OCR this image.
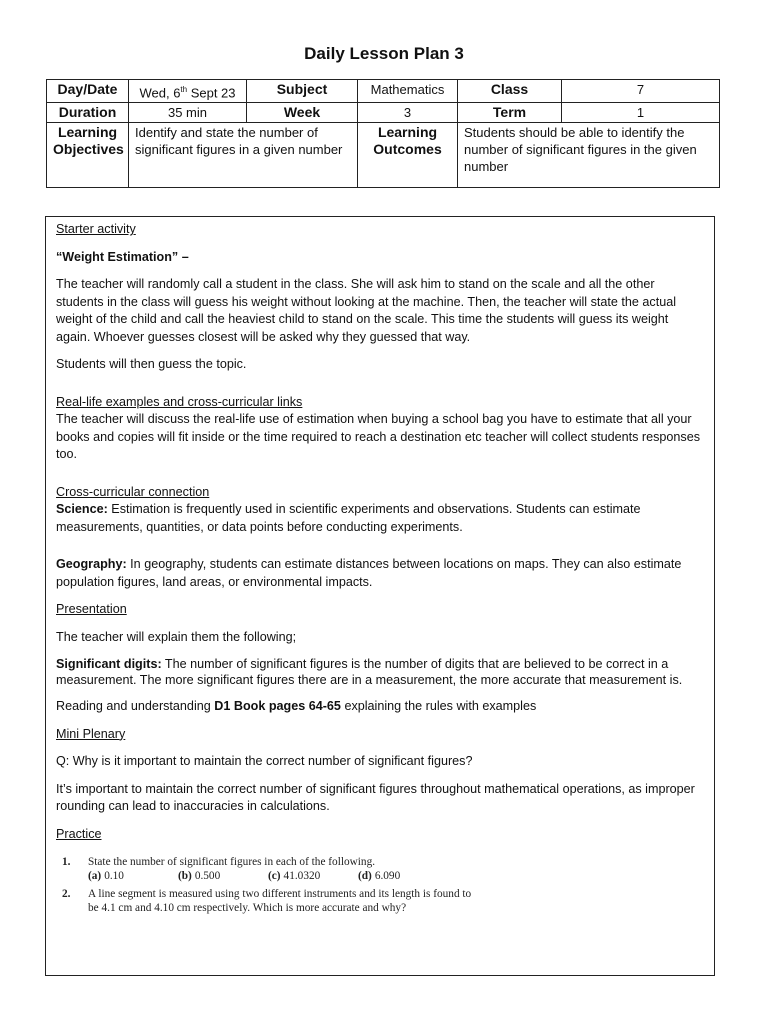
Daily Lesson Plan 3
Day/Date	Wed, 6th Sept 23	Subject	Mathematics	Class	7
Duration	35 min	Week	3	Term	1
Learning Objectives	Identify and state the number of significant figures in a given number		Learning Outcomes	Students should be able to identify the number of significant figures in the given number	

Starter activity

“Weight Estimation” –

The teacher will randomly call a student in the class. She will ask him to stand on the scale and all the other students in the class will guess his weight without looking at the machine. Then, the teacher will state the actual weight of the child and call the heaviest child to stand on the scale. This time the students will guess its weight again. Whoever guesses closest will be asked why they guessed that way.

Students will then guess the topic.

Real-life examples and cross-curricular links

The teacher will discuss the real-life use of estimation when buying a school bag you have to estimate that all your books and copies will fit inside or the time required to reach a destination etc teacher will collect students responses too.

Cross-curricular connection

Science: Estimation is frequently used in scientific experiments and observations. Students can estimate measurements, quantities, or data points before conducting experiments.

Geography: In geography, students can estimate distances between locations on maps. They can also estimate population figures, land areas, or environmental impacts.

Presentation

The teacher will explain them the following;

Significant digits: The number of significant figures is the number of digits that are believed to be correct in a measurement. The more significant figures there are in a measurement, the more accurate that measurement is.

Reading and understanding D1 Book pages 64-65 explaining the rules with examples

Mini Plenary

Q: Why is it important to maintain the correct number of significant figures?

It’s important to maintain the correct number of significant figures throughout mathematical operations, as improper rounding can lead to inaccuracies in calculations.

Practice

1.	State the number of significant figures in each of the following.
(a) 0.10	(b) 0.500	(c) 41.0320	(d) 6.090
2.	A line segment is measured using two different instruments and its length is found to be 4.1 cm and 4.10 cm respectively. Which is more accurate and why?
